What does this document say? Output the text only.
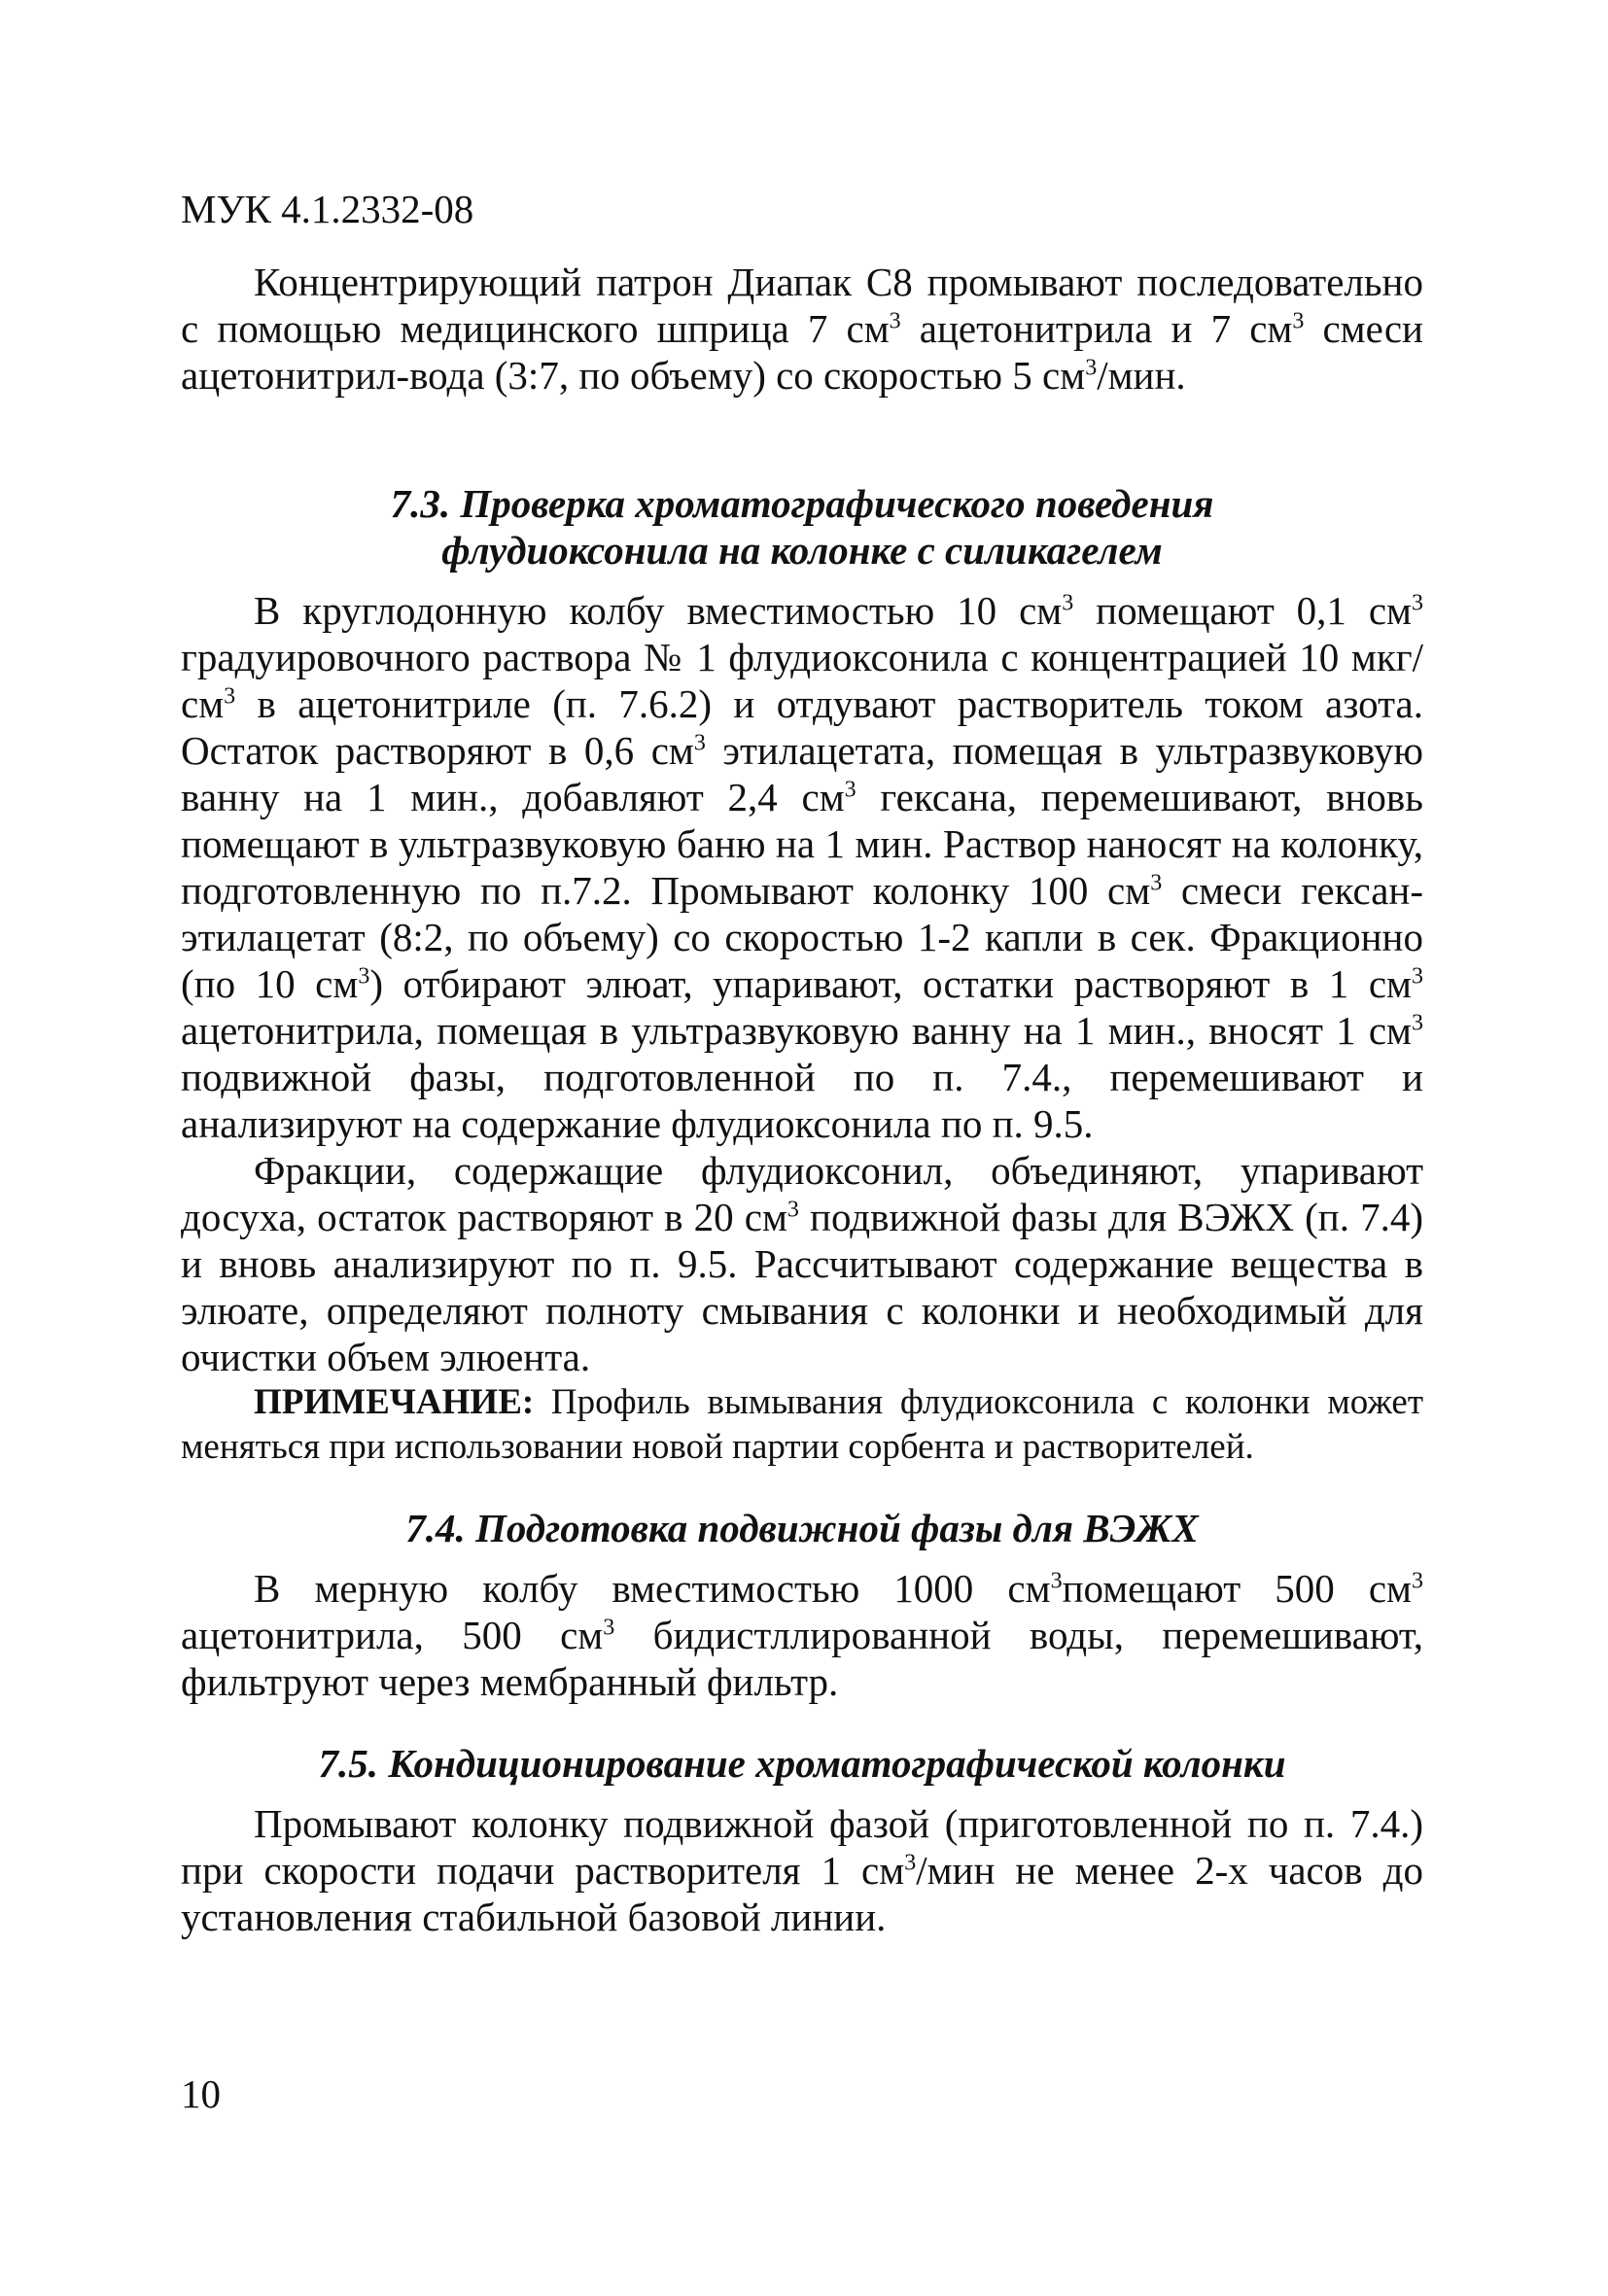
МУК 4.1.2332-08

Концентрирующий патрон Диапак С8 промывают последовательно с помощью медицинского шприца 7 $см^3$ ацетонитрила и 7 $см^3$ смеси ацетонитрил-вода (3:7, по объему) со скоростью 5 $см^3$/мин.

7.3. Проверка хроматографического поведения
флудиоксонила на колонке с силикагелем

В круглодонную колбу вместимостью 10 $см^3$ помещают 0,1 $см^3$ градуировочного раствора № 1 флудиоксонила с концентрацией 10 мкг/$см^3$ в ацетонитриле (п. 7.6.2) и отдувают растворитель током азота. Остаток растворяют в 0,6 $см^3$ этилацетата, помещая в ультразвуковую ванну на 1 мин., добавляют 2,4 $см^3$ гексана, перемешивают, вновь помещают в ультразвуковую баню на 1 мин. Раствор наносят на колонку, подготовленную по п.7.2. Промывают колонку 100 $см^3$ смеси гексан-этилацетат (8:2, по объему) со скоростью 1-2 капли в сек. Фракционно (по 10 $см^3$) отбирают элюат, упаривают, остатки растворяют в 1 $см^3$ ацетонитрила, помещая в ультразвуковую ванну на 1 мин., вносят 1 $см^3$ подвижной фазы, подготовленной по п. 7.4., перемешивают и анализируют на содержание флудиоксонила по п. 9.5.

Фракции, содержащие флудиоксонил, объединяют, упаривают досуха, остаток растворяют в 20 $см^3$ подвижной фазы для ВЭЖХ (п. 7.4) и вновь анализируют по п. 9.5. Рассчитывают содержание вещества в элюате, определяют полноту смывания с колонки и необходимый для очистки объем элюента.

ПРИМЕЧАНИЕ: Профиль вымывания флудиоксонила с колонки может меняться при использовании новой партии сорбента и растворителей.

7.4. Подготовка подвижной фазы для ВЭЖХ

В мерную колбу вместимостью 1000 $см^3помещают$ 500 $см^3$ ацетонитрила, 500 $см^3$ бидистллированной воды, перемешивают, фильтруют через мембранный фильтр.

7.5. Кондиционирование хроматографической колонки

Промывают колонку подвижной фазой (приготовленной по п. 7.4.) при скорости подачи растворителя 1 $см^3$/мин не менее 2-х часов до установления стабильной базовой линии.

10
